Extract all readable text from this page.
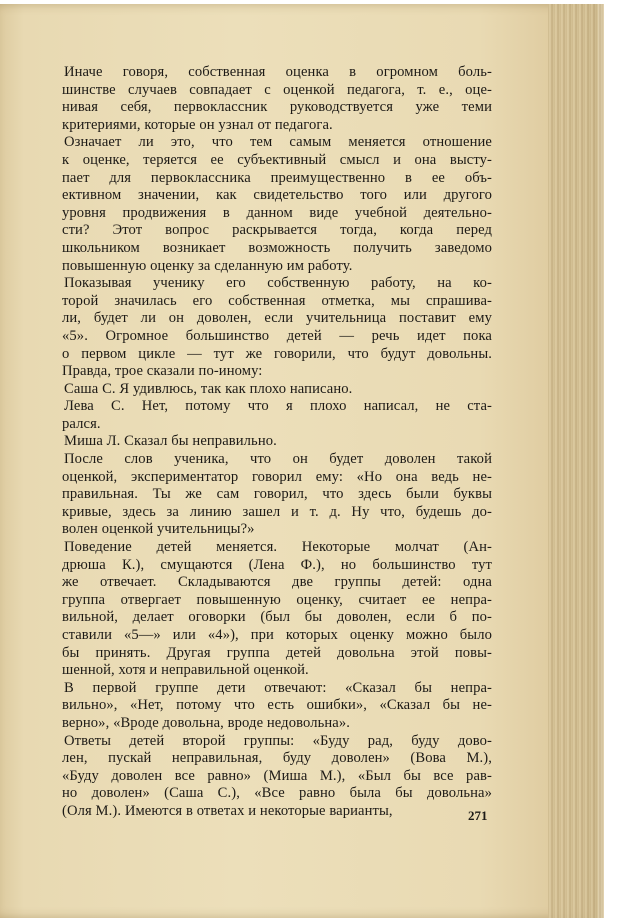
Иначе говоря, собственная оценка в огромном боль-
шинстве случаев совпадает с оценкой педагога, т. е., оце-
нивая себя, первоклассник руководствуется уже теми
критериями, которые он узнал от педагога.
Означает ли это, что тем самым меняется отношение
к оценке, теряется ее субъективный смысл и она высту-
пает для первоклассника преимущественно в ее объ-
ективном значении, как свидетельство того или другого
уровня продвижения в данном виде учебной деятельно-
сти? Этот вопрос раскрывается тогда, когда перед
школьником возникает возможность получить заведомо
повышенную оценку за сделанную им работу.
Показывая ученику его собственную работу, на ко-
торой значилась его собственная отметка, мы спрашива-
ли, будет ли он доволен, если учительница поставит ему
«5». Огромное большинство детей — речь идет пока
о первом цикле — тут же говорили, что будут довольны.
Правда, трое сказали по-иному:
Саша С. Я удивлюсь, так как плохо написано.
Лева С. Нет, потому что я плохо написал, не ста-
рался.
Миша Л. Сказал бы неправильно.
После слов ученика, что он будет доволен такой
оценкой, экспериментатор говорил ему: «Но она ведь не-
правильная. Ты же сам говорил, что здесь были буквы
кривые, здесь за линию зашел и т. д. Ну что, будешь до-
волен оценкой учительницы?»
Поведение детей меняется. Некоторые молчат (Ан-
дрюша К.), смущаются (Лена Ф.), но большинство тут
же отвечает. Складываются две группы детей: одна
группа отвергает повышенную оценку, считает ее непра-
вильной, делает оговорки (был бы доволен, если б по-
ставили «5—» или «4»), при которых оценку можно было
бы принять. Другая группа детей довольна этой повы-
шенной, хотя и неправильной оценкой.
В первой группе дети отвечают: «Сказал бы непра-
вильно», «Нет, потому что есть ошибки», «Сказал бы не-
верно», «Вроде довольна, вроде недовольна».
Ответы детей второй группы: «Буду рад, буду дово-
лен, пускай неправильная, буду доволен» (Вова М.),
«Буду доволен все равно» (Миша М.), «Был бы все рав-
но доволен» (Саша С.), «Все равно была бы довольна»
(Оля М.). Имеются в ответах и некоторые варианты,	271
